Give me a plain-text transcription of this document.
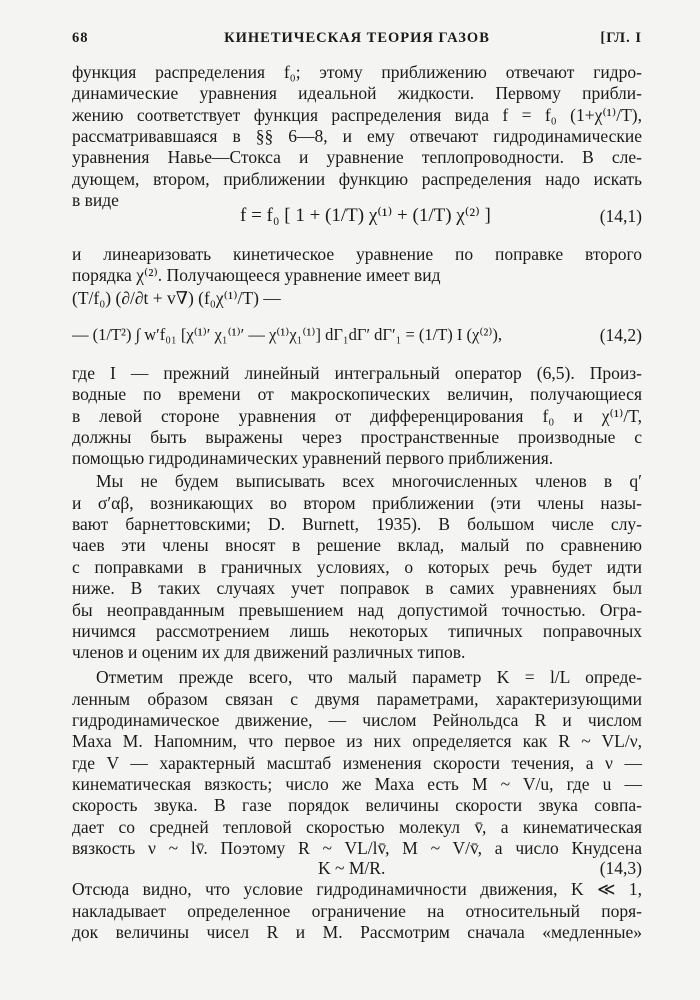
68	КИНЕТИЧЕСКАЯ ТЕОРИЯ ГАЗОВ	[ГЛ. I
функция распределения f₀; этому приближению отвечают гидро-
динамические уравнения идеальной жидкости. Первому прибли-
жению соответствует функция распределения вида f = f₀ (1+χ⁽¹⁾/T),
рассматривавшаяся в §§ 6—8, и ему отвечают гидродинамические
уравнения Навье—Стокса и уравнение теплопроводности. В сле-
дующем, втором, приближении функцию распределения надо искать
в виде
f = f₀ [ 1 + (1/T) χ⁽¹⁾ + (1/T) χ⁽²⁾ ]	(14,1)
и линеаризовать кинетическое уравнение по поправке второго
порядка χ⁽²⁾. Получающееся уравнение имеет вид
(T/f₀) (∂/∂t + v∇) (f₀χ⁽¹⁾/T) —
— (1/T²) ∫ w′f₀₁ [χ⁽¹⁾′ χ₁⁽¹⁾′ — χ⁽¹⁾χ₁⁽¹⁾] dΓ₁dΓ′ dΓ′₁ = (1/T) I (χ⁽²⁾),	(14,2)
где I — прежний линейный интегральный оператор (6,5). Произ-
водные по времени от макроскопических величин, получающиеся
в левой стороне уравнения от дифференцирования f₀ и χ⁽¹⁾/T,
должны быть выражены через пространственные производные с
помощью гидродинамических уравнений первого приближения.
Мы не будем выписывать всех многочисленных членов в q′
и σ′αβ, возникающих во втором приближении (эти члены назы-
вают барнеттовскими; D. Burnett, 1935). В большом числе слу-
чаев эти члены вносят в решение вклад, малый по сравнению
с поправками в граничных условиях, о которых речь будет идти
ниже. В таких случаях учет поправок в самих уравнениях был
бы неоправданным превышением над допустимой точностью. Огра-
ничимся рассмотрением лишь некоторых типичных поправочных
членов и оценим их для движений различных типов.
Отметим прежде всего, что малый параметр K = l/L опреде-
ленным образом связан с двумя параметрами, характеризующими
гидродинамическое движение, — числом Рейнольдса R и числом
Маха M. Напомним, что первое из них определяется как R ~ VL/ν,
где V — характерный масштаб изменения скорости течения, а ν —
кинематическая вязкость; число же Маха есть M ~ V/u, где u —
скорость звука. В газе порядок величины скорости звука совпа-
дает со средней тепловой скоростью молекул v̄, а кинематическая
вязкость ν ~ lv̄. Поэтому R ~ VL/lv̄, M ~ V/v̄, а число Кнудсена
K ~ M/R.	(14,3)
Отсюда видно, что условие гидродинамичности движения, K ≪ 1,
накладывает определенное ограничение на относительный поря-
док величины чисел R и M. Рассмотрим сначала «медленные»
